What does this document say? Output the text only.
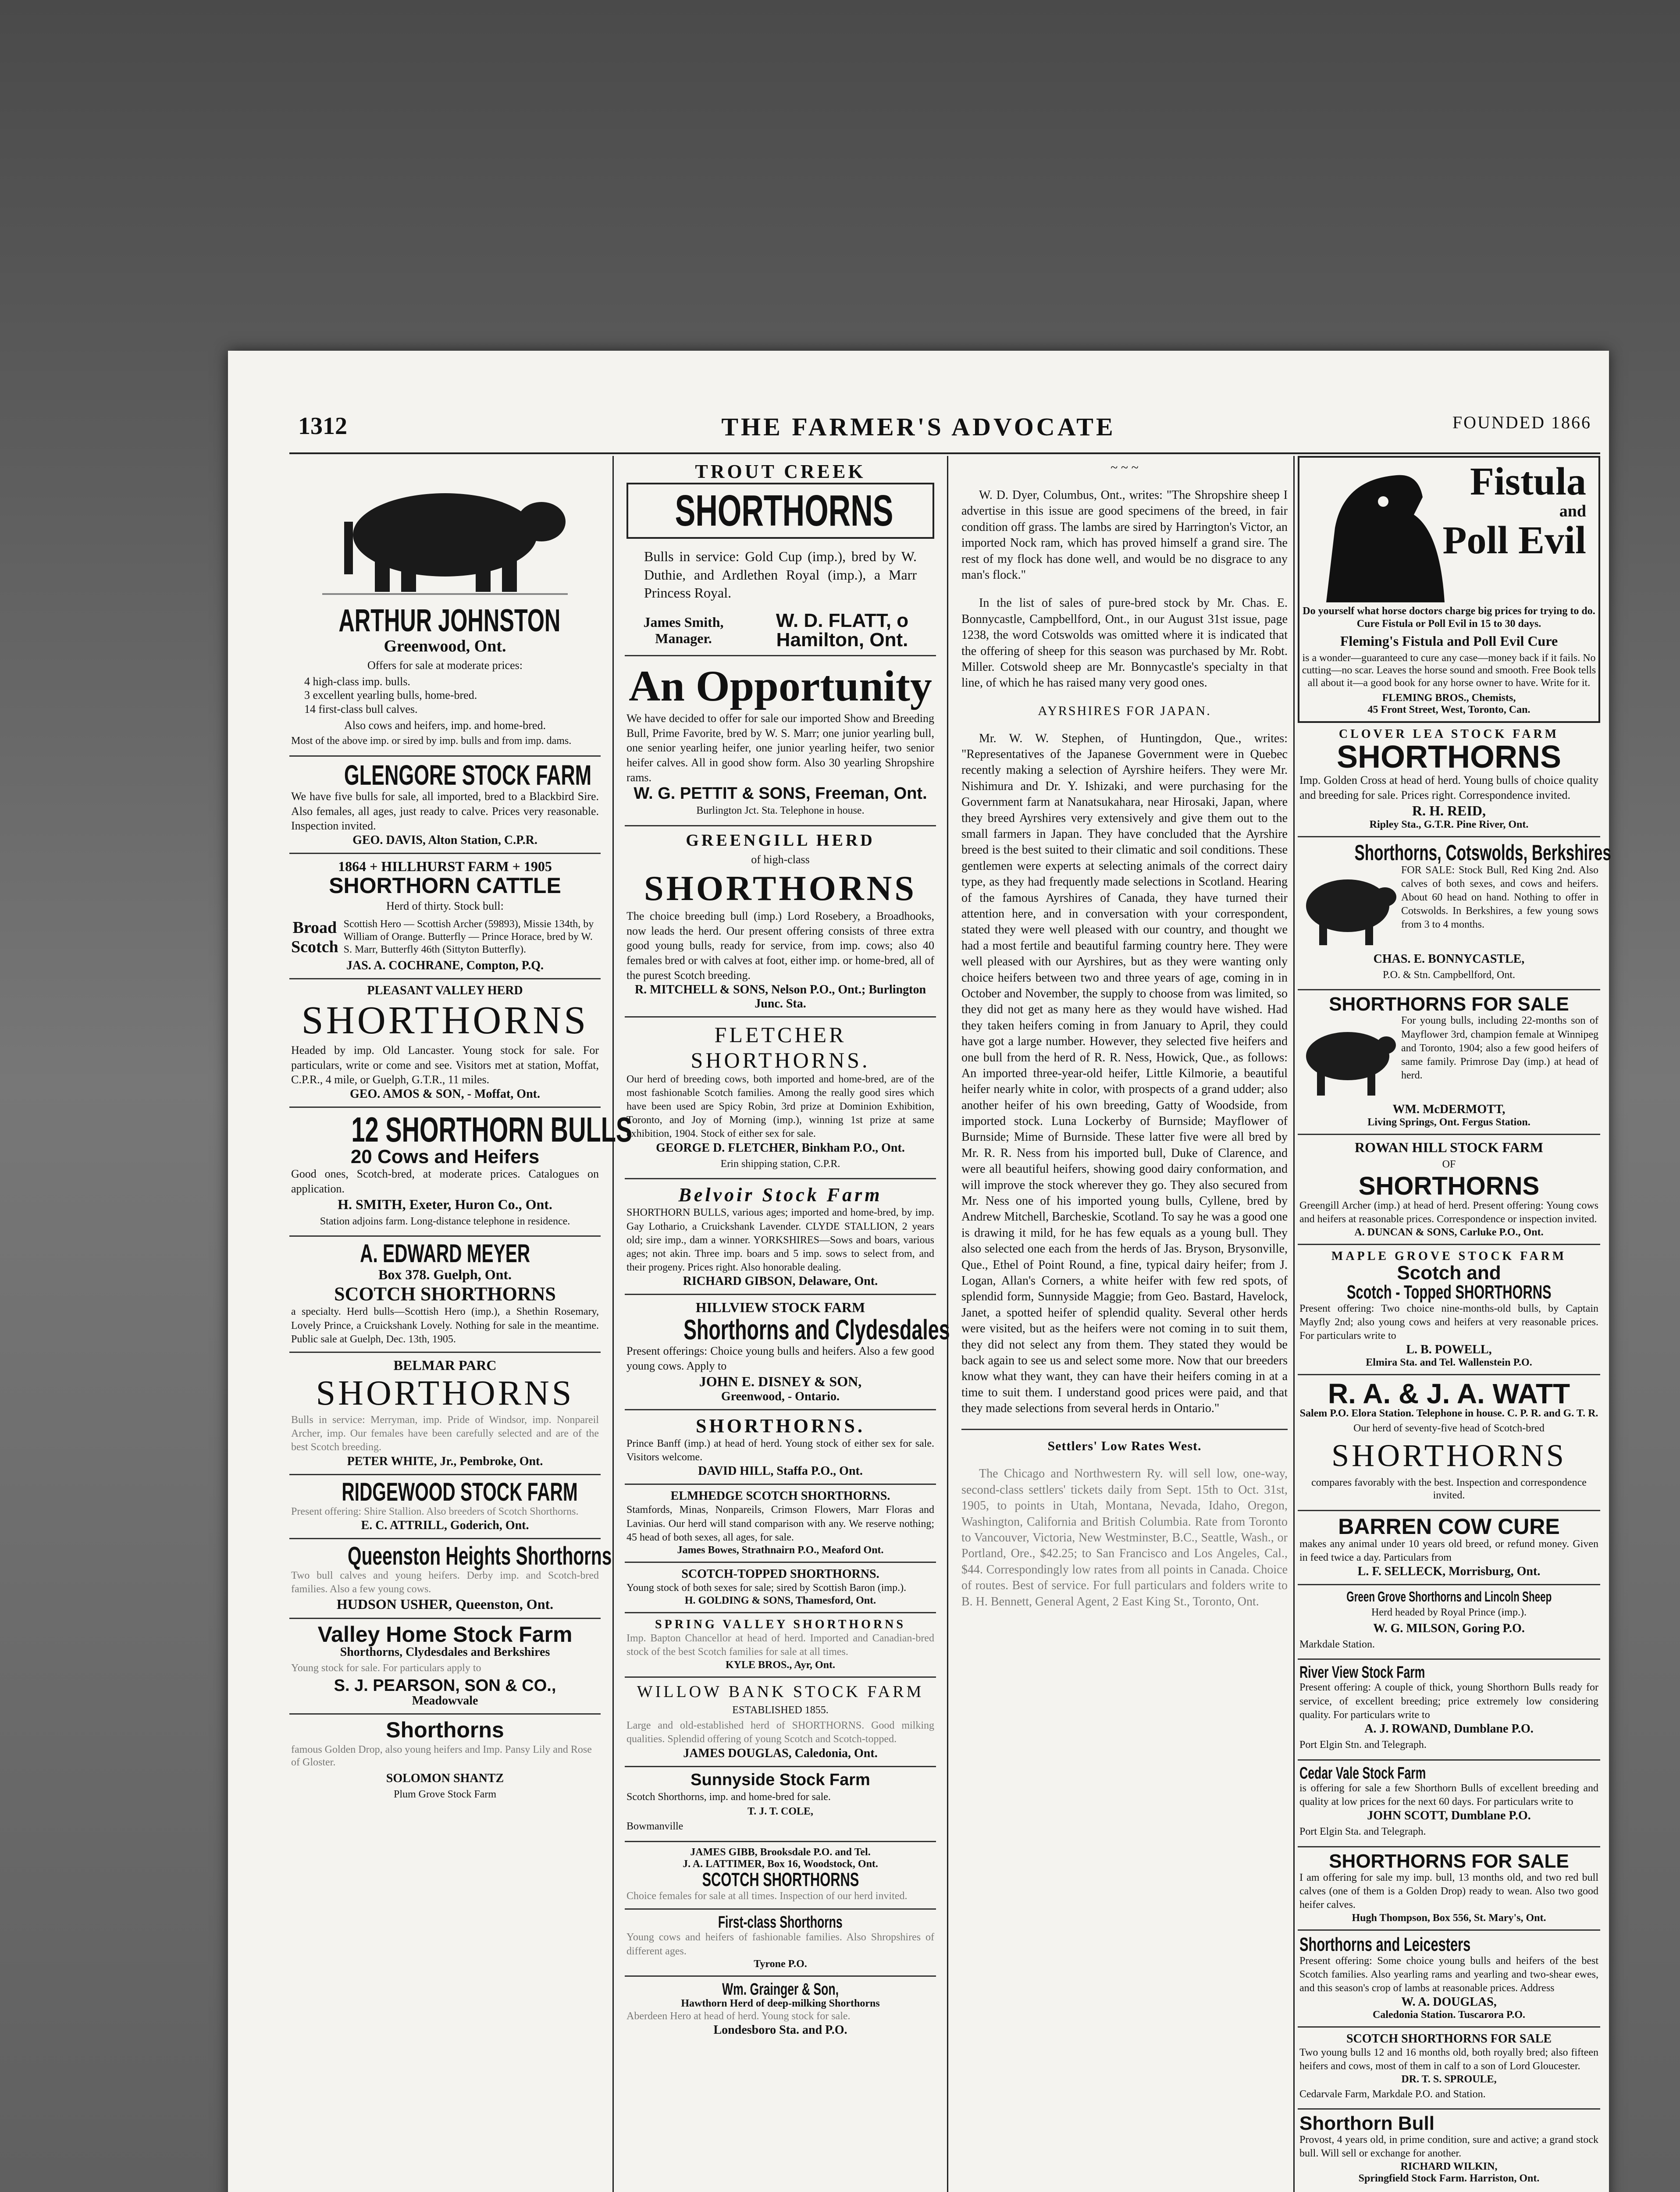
1312	THE FARMER'S ADVOCATE	FOUNDED 1866
ARTHUR JOHNSTON
Greenwood, Ont.
Offers for sale at moderate prices:
4 high-class imp. bulls.
3 excellent yearling bulls, home-bred.
14 first-class bull calves.
Also cows and heifers, imp. and home-bred.
Most of the above imp. or sired by imp. bulls and from imp. dams.
GLENGORE STOCK FARM
We have five bulls for sale, all imported, bred to a Blackbird Sire. Also females, all ages, just ready to calve. Prices very reasonable. Inspection invited.
GEO. DAVIS, Alton Station, C.P.R.
1864 + HILLHURST FARM + 1905
SHORTHORN CATTLE
Herd of thirty. Stock bull:
Broad Scotch
Scottish Hero — Scottish Archer (59893), Missie 134th, by William of Orange. Butterfly — Prince Horace, bred by W. S. Marr, Butterfly 46th (Sittyton Butterfly).
JAS. A. COCHRANE, Compton, P.Q.
PLEASANT VALLEY HERD
SHORTHORNS
Headed by imp. Old Lancaster. Young stock for sale. For particulars, write or come and see. Visitors met at station, Moffat, C.P.R., 4 mile, or Guelph, G.T.R., 11 miles.
GEO. AMOS & SON, - Moffat, Ont.
12 SHORTHORN BULLS
20 Cows and Heifers
Good ones, Scotch-bred, at moderate prices. Catalogues on application.
H. SMITH, Exeter, Huron Co., Ont.
Station adjoins farm. Long-distance telephone in residence.
A. EDWARD MEYER
Box 378. Guelph, Ont.
SCOTCH SHORTHORNS
a specialty. Herd bulls—Scottish Hero (imp.), a Shethin Rosemary, Lovely Prince, a Cruickshank Lovely. Nothing for sale in the meantime. Public sale at Guelph, Dec. 13th, 1905.
BELMAR PARC
SHORTHORNS
Bulls in service: Merryman, imp. Pride of Windsor, imp. Nonpareil Archer, imp. Our females have been carefully selected and are of the best Scotch breeding.
PETER WHITE, Jr., Pembroke, Ont.
RIDGEWOOD STOCK FARM
Present offering: Shire Stallion. Also breeders of Scotch Shorthorns.
E. C. ATTRILL, Goderich, Ont.
Queenston Heights Shorthorns
Two bull calves and young heifers. Derby imp. and Scotch-bred families. Also a few young cows.
HUDSON USHER, Queenston, Ont.
Valley Home Stock Farm
Shorthorns, Clydesdales and Berkshires
Young stock for sale. For particulars apply to
S. J. PEARSON, SON & CO.,
Meadowvale
Shorthorns
famous Golden Drop, also young heifers and Imp. Pansy Lily and Rose of Gloster.
SOLOMON SHANTZ
Plum Grove Stock Farm
TROUT CREEK
SHORTHORNS
Bulls in service: Gold Cup (imp.), bred by W. Duthie, and Ardlethen Royal (imp.), a Marr Princess Royal.
James Smith, Manager.
W. D. FLATT, o Hamilton, Ont.
An Opportunity
We have decided to offer for sale our imported Show and Breeding Bull, Prime Favorite, bred by W. S. Marr; one junior yearling bull, one senior yearling heifer, one junior yearling heifer, two senior heifer calves. All in good show form. Also 30 yearling Shropshire rams.
W. G. PETTIT & SONS, Freeman, Ont.
Burlington Jct. Sta. Telephone in house.
GREENGILL HERD
of high-class
SHORTHORNS
The choice breeding bull (imp.) Lord Rosebery, a Broadhooks, now leads the herd. Our present offering consists of three extra good young bulls, ready for service, from imp. cows; also 40 females bred or with calves at foot, either imp. or home-bred, all of the purest Scotch breeding.
R. MITCHELL & SONS, Nelson P.O., Ont.; Burlington Junc. Sta.
FLETCHER SHORTHORNS.
Our herd of breeding cows, both imported and home-bred, are of the most fashionable Scotch families. Among the really good sires which have been used are Spicy Robin, 3rd prize at Dominion Exhibition, Toronto, and Joy of Morning (imp.), winning 1st prize at same exhibition, 1904. Stock of either sex for sale.
GEORGE D. FLETCHER, Binkham P.O., Ont.
Erin shipping station, C.P.R.
Belvoir Stock Farm
SHORTHORN BULLS, various ages; imported and home-bred, by imp. Gay Lothario, a Cruickshank Lavender. CLYDE STALLION, 2 years old; sire imp., dam a winner. YORKSHIRES—Sows and boars, various ages; not akin. Three imp. boars and 5 imp. sows to select from, and their progeny. Prices right. Also honorable dealing.
RICHARD GIBSON, Delaware, Ont.
HILLVIEW STOCK FARM
Shorthorns and Clydesdales
Present offerings: Choice young bulls and heifers. Also a few good young cows. Apply to
JOHN E. DISNEY & SON,
Greenwood, - Ontario.
SHORTHORNS.
Prince Banff (imp.) at head of herd. Young stock of either sex for sale. Visitors welcome.
DAVID HILL, Staffa P.O., Ont.
ELMHEDGE SCOTCH SHORTHORNS.
Stamfords, Minas, Nonpareils, Crimson Flowers, Marr Floras and Lavinias. Our herd will stand comparison with any. We reserve nothing; 45 head of both sexes, all ages, for sale.
James Bowes, Strathnairn P.O., Meaford Ont.
SCOTCH-TOPPED SHORTHORNS.
Young stock of both sexes for sale; sired by Scottish Baron (imp.).
H. GOLDING & SONS, Thamesford, Ont.
SPRING VALLEY SHORTHORNS
Imp. Bapton Chancellor at head of herd. Imported and Canadian-bred stock of the best Scotch families for sale at all times.
KYLE BROS., Ayr, Ont.
WILLOW BANK STOCK FARM
ESTABLISHED 1855.
Large and old-established herd of SHORTHORNS. Good milking qualities. Splendid offering of young Scotch and Scotch-topped.
JAMES DOUGLAS, Caledonia, Ont.
Sunnyside Stock Farm
Scotch Shorthorns, imp. and home-bred for sale.
T. J. T. COLE,
Bowmanville
JAMES GIBB, Brooksdale P.O. and Tel.
J. A. LATTIMER, Box 16, Woodstock, Ont.
SCOTCH SHORTHORNS
Choice females for sale at all times. Inspection of our herd invited.
First-class Shorthorns
Young cows and heifers of fashionable families. Also Shropshires of different ages.
Tyrone P.O.
Wm. Grainger & Son,
Hawthorn Herd of deep-milking Shorthorns
Aberdeen Hero at head of herd. Young stock for sale.
Londesboro Sta. and P.O.
~ ~ ~

W. D. Dyer, Columbus, Ont., writes: "The Shropshire sheep I advertise in this issue are good specimens of the breed, in fair condition off grass. The lambs are sired by Harrington's Victor, an imported Nock ram, which has proved himself a grand sire. The rest of my flock has done well, and would be no disgrace to any man's flock."

In the list of sales of pure-bred stock by Mr. Chas. E. Bonnycastle, Campbellford, Ont., in our August 31st issue, page 1238, the word Cotswolds was omitted where it is indicated that the offering of sheep for this season was purchased by Mr. Robt. Miller. Cotswold sheep are Mr. Bonnycastle's specialty in that line, of which he has raised many very good ones.

AYRSHIRES FOR JAPAN.

Mr. W. W. Stephen, of Huntingdon, Que., writes: "Representatives of the Japanese Government were in Quebec recently making a selection of Ayrshire heifers. They were Mr. Nishimura and Dr. Y. Ishizaki, and were purchasing for the Government farm at Nanatsukahara, near Hirosaki, Japan, where they breed Ayrshires very extensively and give them out to the small farmers in Japan. They have concluded that the Ayrshire breed is the best suited to their climatic and soil conditions. These gentlemen were experts at selecting animals of the correct dairy type, as they had frequently made selections in Scotland. Hearing of the famous Ayrshires of Canada, they have turned their attention here, and in conversation with your correspondent, stated they were well pleased with our country, and thought we had a most fertile and beautiful farming country here. They were well pleased with our Ayrshires, but as they were wanting only choice heifers between two and three years of age, coming in in October and November, the supply to choose from was limited, so they did not get as many here as they would have wished. Had they taken heifers coming in from January to April, they could have got a large number. However, they selected five heifers and one bull from the herd of R. R. Ness, Howick, Que., as follows: An imported three-year-old heifer, Little Kilmorie, a beautiful heifer nearly white in color, with prospects of a grand udder; also another heifer of his own breeding, Gatty of Woodside, from imported stock. Luna Lockerby of Burnside; Mayflower of Burnside; Mime of Burnside. These latter five were all bred by Mr. R. R. Ness from his imported bull, Duke of Clarence, and were all beautiful heifers, showing good dairy conformation, and will improve the stock wherever they go. They also secured from Mr. Ness one of his imported young bulls, Cyllene, bred by Andrew Mitchell, Barcheskie, Scotland. To say he was a good one is drawing it mild, for he has few equals as a young bull. They also selected one each from the herds of Jas. Bryson, Brysonville, Que., Ethel of Point Round, a fine, typical dairy heifer; from J. Logan, Allan's Corners, a white heifer with few red spots, of splendid form, Sunnyside Maggie; from Geo. Bastard, Havelock, Janet, a spotted heifer of splendid quality. Several other herds were visited, but as the heifers were not coming in to suit them, they did not select any from them. They stated they would be back again to see us and select some more. Now that our breeders know what they want, they can have their heifers coming in at a time to suit them. I understand good prices were paid, and that they made selections from several herds in Ontario."

Settlers' Low Rates West.

The Chicago and Northwestern Ry. will sell low, one-way, second-class settlers' tickets daily from Sept. 15th to Oct. 31st, 1905, to points in Utah, Montana, Nevada, Idaho, Oregon, Washington, California and British Columbia. Rate from Toronto to Vancouver, Victoria, New Westminster, B.C., Seattle, Wash., or Portland, Ore., $42.25; to San Francisco and Los Angeles, Cal., $44. Correspondingly low rates from all points in Canada. Choice of routes. Best of service. For full particulars and folders write to B. H. Bennett, General Agent, 2 East King St., Toronto, Ont.

Fistula
and
Poll Evil
Do yourself what horse doctors charge big prices for trying to do. Cure Fistula or Poll Evil in 15 to 30 days.
Fleming's Fistula and Poll Evil Cure
is a wonder—guaranteed to cure any case—money back if it fails. No cutting—no scar. Leaves the horse sound and smooth. Free Book tells all about it—a good book for any horse owner to have. Write for it.
FLEMING BROS., Chemists,
45 Front Street, West, Toronto, Can.
CLOVER LEA STOCK FARM
SHORTHORNS
Imp. Golden Cross at head of herd. Young bulls of choice quality and breeding for sale. Prices right. Correspondence invited.
R. H. REID,
Ripley Sta., G.T.R. Pine River, Ont.
Shorthorns, Cotswolds, Berkshires
FOR SALE: Stock Bull, Red King 2nd. Also calves of both sexes, and cows and heifers. About 60 head on hand. Nothing to offer in Cotswolds. In Berkshires, a few young sows from 3 to 4 months.
CHAS. E. BONNYCASTLE,
P.O. & Stn. Campbellford, Ont.
SHORTHORNS FOR SALE
For young bulls, including 22-months son of Mayflower 3rd, champion female at Winnipeg and Toronto, 1904; also a few good heifers of same family. Primrose Day (imp.) at head of herd.
WM. McDERMOTT,
Living Springs, Ont. Fergus Station.
ROWAN HILL STOCK FARM
OF
SHORTHORNS
Greengill Archer (imp.) at head of herd. Present offering: Young cows and heifers at reasonable prices. Correspondence or inspection invited.
A. DUNCAN & SONS, Carluke P.O., Ont.
MAPLE GROVE STOCK FARM
Scotch and
Scotch - Topped SHORTHORNS
Present offering: Two choice nine-months-old bulls, by Captain Mayfly 2nd; also young cows and heifers at very reasonable prices. For particulars write to
L. B. POWELL,
Elmira Sta. and Tel. Wallenstein P.O.
R. A. & J. A. WATT
Salem P.O. Elora Station. Telephone in house. C. P. R. and G. T. R.
Our herd of seventy-five head of Scotch-bred
SHORTHORNS
compares favorably with the best. Inspection and correspondence invited.
BARREN COW CURE
makes any animal under 10 years old breed, or refund money. Given in feed twice a day. Particulars from
L. F. SELLECK, Morrisburg, Ont.
Green Grove Shorthorns and Lincoln Sheep
Herd headed by Royal Prince (imp.).
W. G. MILSON, Goring P.O.
Markdale Station.
River View Stock Farm
Present offering: A couple of thick, young Shorthorn Bulls ready for service, of excellent breeding; price extremely low considering quality. For particulars write to
A. J. ROWAND, Dumblane P.O.
Port Elgin Stn. and Telegraph.
Cedar Vale Stock Farm
is offering for sale a few Shorthorn Bulls of excellent breeding and quality at low prices for the next 60 days. For particulars write to
JOHN SCOTT, Dumblane P.O.
Port Elgin Sta. and Telegraph.
SHORTHORNS FOR SALE
I am offering for sale my imp. bull, 13 months old, and two red bull calves (one of them is a Golden Drop) ready to wean. Also two good heifer calves.
Hugh Thompson, Box 556, St. Mary's, Ont.
Shorthorns and Leicesters
Present offering: Some choice young bulls and heifers of the best Scotch families. Also yearling rams and yearling and two-shear ewes, and this season's crop of lambs at reasonable prices. Address
W. A. DOUGLAS,
Caledonia Station. Tuscarora P.O.
SCOTCH SHORTHORNS FOR SALE
Two young bulls 12 and 16 months old, both royally bred; also fifteen heifers and cows, most of them in calf to a son of Lord Gloucester.
DR. T. S. SPROULE,
Cedarvale Farm, Markdale P.O. and Station.
Shorthorn Bull
Provost, 4 years old, in prime condition, sure and active; a grand stock bull. Will sell or exchange for another.
RICHARD WILKIN,
Springfield Stock Farm. Harriston, Ont.
